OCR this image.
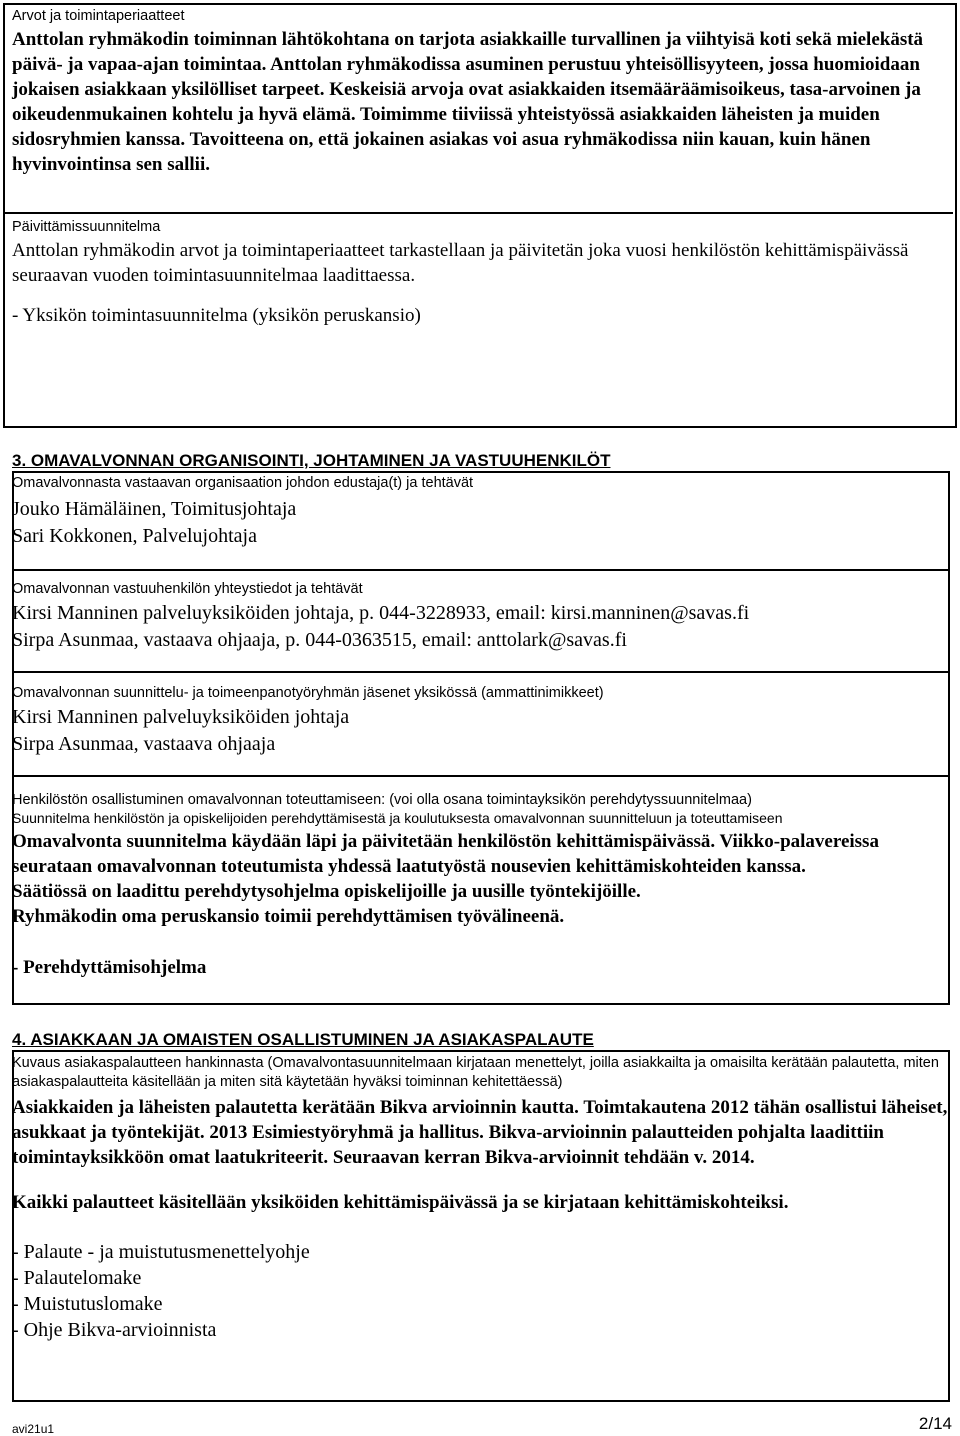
Arvot ja toimintaperiaatteet

Anttolan ryhmäkodin toiminnan lähtökohtana on tarjota asiakkaille turvallinen ja viihtyisä koti sekä mielekästä päivä- ja vapaa-ajan toimintaa. Anttolan ryhmäkodissa asuminen perustuu yhteisöllisyyteen, jossa huomioidaan jokaisen asiakkaan yksilölliset tarpeet. Keskeisiä arvoja ovat asiakkaiden itsemääräämisoikeus, tasa-arvoinen ja oikeudenmukainen kohtelu ja hyvä elämä. Toimimme tiiviissä yhteistyössä asiakkaiden läheisten ja muiden sidosryhmien kanssa. Tavoitteena on, että jokainen asiakas voi asua ryhmäkodissa niin kauan, kuin hänen hyvinvointinsa sen sallii.

Päivittämissuunnitelma

Anttolan ryhmäkodin arvot ja toimintaperiaatteet tarkastellaan ja päivitetän joka vuosi henkilöstön kehittämispäivässä seuraavan vuoden toimintasuunnitelmaa laadittaessa.

- Yksikön toimintasuunnitelma (yksikön peruskansio)

3. OMAVALVONNAN ORGANISOINTI, JOHTAMINEN JA VASTUUHENKILÖT

Omavalvonnasta vastaavan organisaation johdon edustaja(t) ja tehtävät

Jouko Hämäläinen, Toimitusjohtaja

Sari Kokkonen, Palvelujohtaja

Omavalvonnan vastuuhenkilön yhteystiedot ja tehtävät

Kirsi Manninen palveluyksiköiden johtaja, p. 044-3228933, email: kirsi.manninen@savas.fi

Sirpa Asunmaa, vastaava ohjaaja, p. 044-0363515, email: anttolark@savas.fi

Omavalvonnan suunnittelu- ja toimeenpanotyöryhmän jäsenet yksikössä (ammattinimikkeet)

Kirsi Manninen palveluyksiköiden johtaja

Sirpa Asunmaa, vastaava ohjaaja

Henkilöstön osallistuminen omavalvonnan toteuttamiseen: (voi olla osana toimintayksikön perehdytyssuunnitelmaa)

Suunnitelma henkilöstön ja opiskelijoiden perehdyttämisestä ja koulutuksesta omavalvonnan suunnitteluun ja toteuttamiseen

Omavalvonta suunnitelma käydään läpi ja päivitetään henkilöstön kehittämispäivässä. Viikko-palavereissa seurataan omavalvonnan toteutumista yhdessä laatutyöstä nousevien kehittämiskohteiden kanssa.

Säätiössä on laadittu perehdytysohjelma opiskelijoille ja uusille työntekijöille.

Ryhmäkodin oma peruskansio toimii perehdyttämisen työvälineenä.

- Perehdyttämisohjelma

4. ASIAKKAAN JA OMAISTEN OSALLISTUMINEN JA ASIAKASPALAUTE

Kuvaus asiakaspalautteen hankinnasta (Omavalvontasuunnitelmaan kirjataan menettelyt, joilla asiakkailta ja omaisilta kerätään palautetta, miten asiakaspalautteita käsitellään ja miten sitä käytetään hyväksi toiminnan kehitettäessä)

Asiakkaiden ja läheisten palautetta kerätään Bikva arvioinnin kautta. Toimtakautena 2012 tähän osallistui läheiset, asukkaat ja työntekijät. 2013 Esimiestyöryhmä ja hallitus. Bikva-arvioinnin palautteiden pohjalta laadittiin toimintayksikköön omat laatukriteerit. Seuraavan kerran Bikva-arvioinnit tehdään v. 2014.

Kaikki palautteet käsitellään yksiköiden kehittämispäivässä ja se kirjataan kehittämiskohteiksi.

- Palaute - ja muistutusmenettelyohje

- Palautelomake

- Muistutuslomake

- Ohje Bikva-arvioinnista

avi21u1	2/14
